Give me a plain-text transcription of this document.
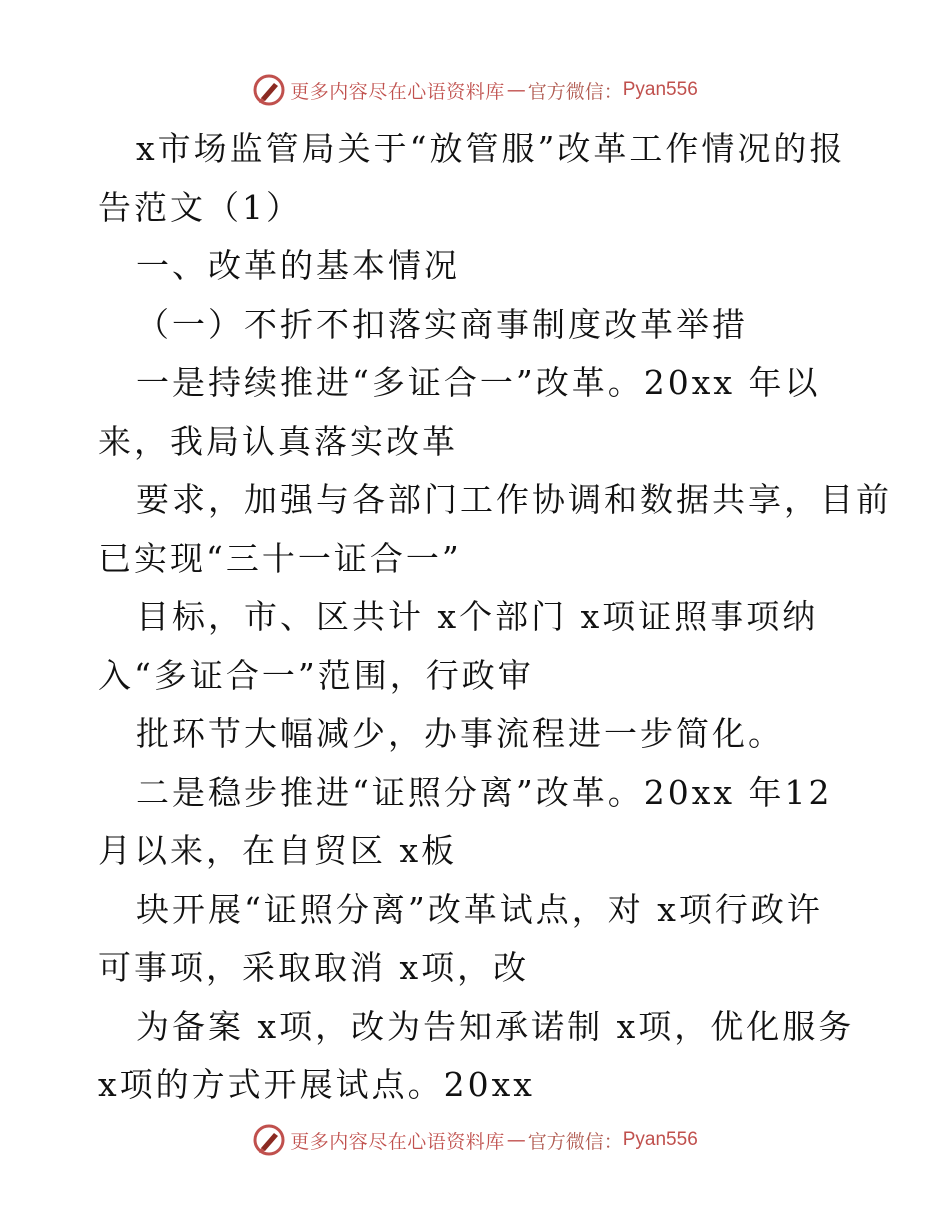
更多内容尽在心语资料库 — 官方微信： Pyan556
x市场监管局关于“放管服”改革工作情况的报
告范文（1）
一、改革的基本情况
（一）不折不扣落实商事制度改革举措
一是持续推进“多证合一”改革。20xx 年以
来，我局认真落实改革
要求，加强与各部门工作协调和数据共享，目前
已实现“三十一证合一”
目标，市、区共计 x个部门 x项证照事项纳
入“多证合一”范围，行政审
批环节大幅减少，办事流程进一步简化。
二是稳步推进“证照分离”改革。20xx 年12
月以来，在自贸区 x板
块开展“证照分离”改革试点，对 x项行政许
可事项，采取取消 x项，改
为备案 x项，改为告知承诺制 x项，优化服务
x项的方式开展试点。20xx
更多内容尽在心语资料库 — 官方微信： Pyan556
